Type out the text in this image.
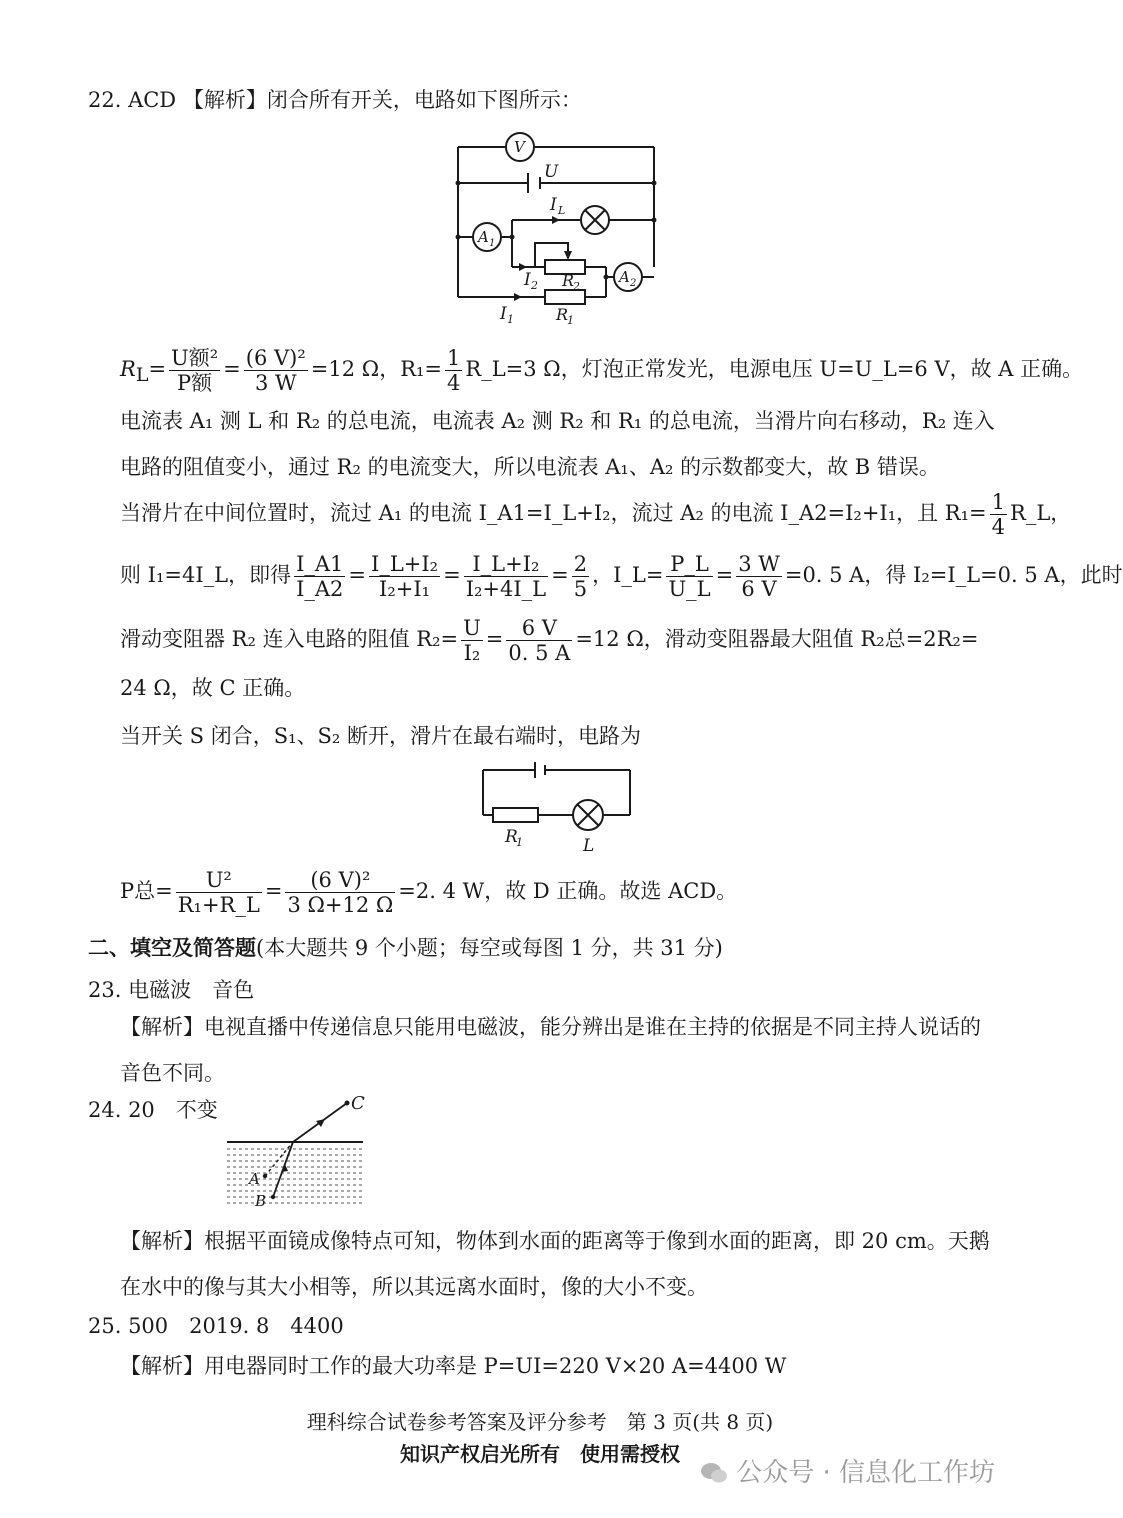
22. ACD 【解析】闭合所有开关，电路如下图所示：
V
U
I L
A 1
I 2 R
2
A 2
I 1	R
1
$R_L= \frac{\text{U额²}}{\text{P额}} = \frac{\text{(6 V)²}}{3 W} =12$ Ω，$R_1= \frac{1}{4}$ R_L=3 Ω，灯泡正常发光，电源电压 U=U_L=6 V，故 A 正确。
电流表 A₁ 测 L 和 R₂ 的总电流，电流表 A₂ 测 R₂ 和 R₁ 的总电流，当滑片向右移动，R₂ 连入电路的阻值变小，通过 R₂ 的电流变大，所以电流表 A₁、A₂ 的示数都变大，故 B 错误。
当滑片在中间位置时，流过 A₁ 的电流 I_A1=I_L+I₂，流过 A₂ 的电流 I_A2=I₂+I₁，且 $R_1= \frac{1}{4}$ R_L，
则 I₁=4I_L，即得 $\frac{I\_A1}{I\_A2} = \frac{\text{I\_L+I₂}}{\text{I₂+I₁}} = \frac{\text{I\_L+I₂}}{\text{I₂+4I\_L}} = \frac{2}{5}$ ，I_L= $\frac{P\_L}{U\_L} = \frac{3 W}{6 V} =0$. 5 A，得 I₂=I_L=0. 5 A，此时
滑动变阻器 R₂ 连入电路的阻值 $R_2= \frac{U}{\text{I₂}} = \frac{6 V}{0. 5 A} =12$ Ω，滑动变阻器最大阻值 R₂总=2R₂=
24 Ω，故 C 正确。
当开关 S 闭合，S₁、S₂ 断开，滑片在最右端时，电路为
R
1	L
P总= $\frac{\text{U²}}{\text{R₁+R\_L}} = \frac{\text{(6 V)²}}{3 \Omega+12 \Omega} =2$. 4 W，故 D 正确。故选 ACD。
二、填空及简答题(本大题共 9 个小题；每空或每图 1 分，共 31 分)
23. 电磁波　音色
【解析】电视直播中传递信息只能用电磁波，能分辨出是谁在主持的依据是不同主持人说话的音色不同。
24. 20　不变	C
A
B
【解析】根据平面镜成像特点可知，物体到水面的距离等于像到水面的距离，即 20 cm。天鹅在水中的像与其大小相等，所以其远离水面时，像的大小不变。
25. 500　2019. 8　4400
【解析】用电器同时工作的最大功率是 P=UI=220 V×20 A=4400 W
理科综合试卷参考答案及评分参考　第 3 页(共 8 页)
知识产权启光所有　使用需授权
公众号 · 信息化工作坊
